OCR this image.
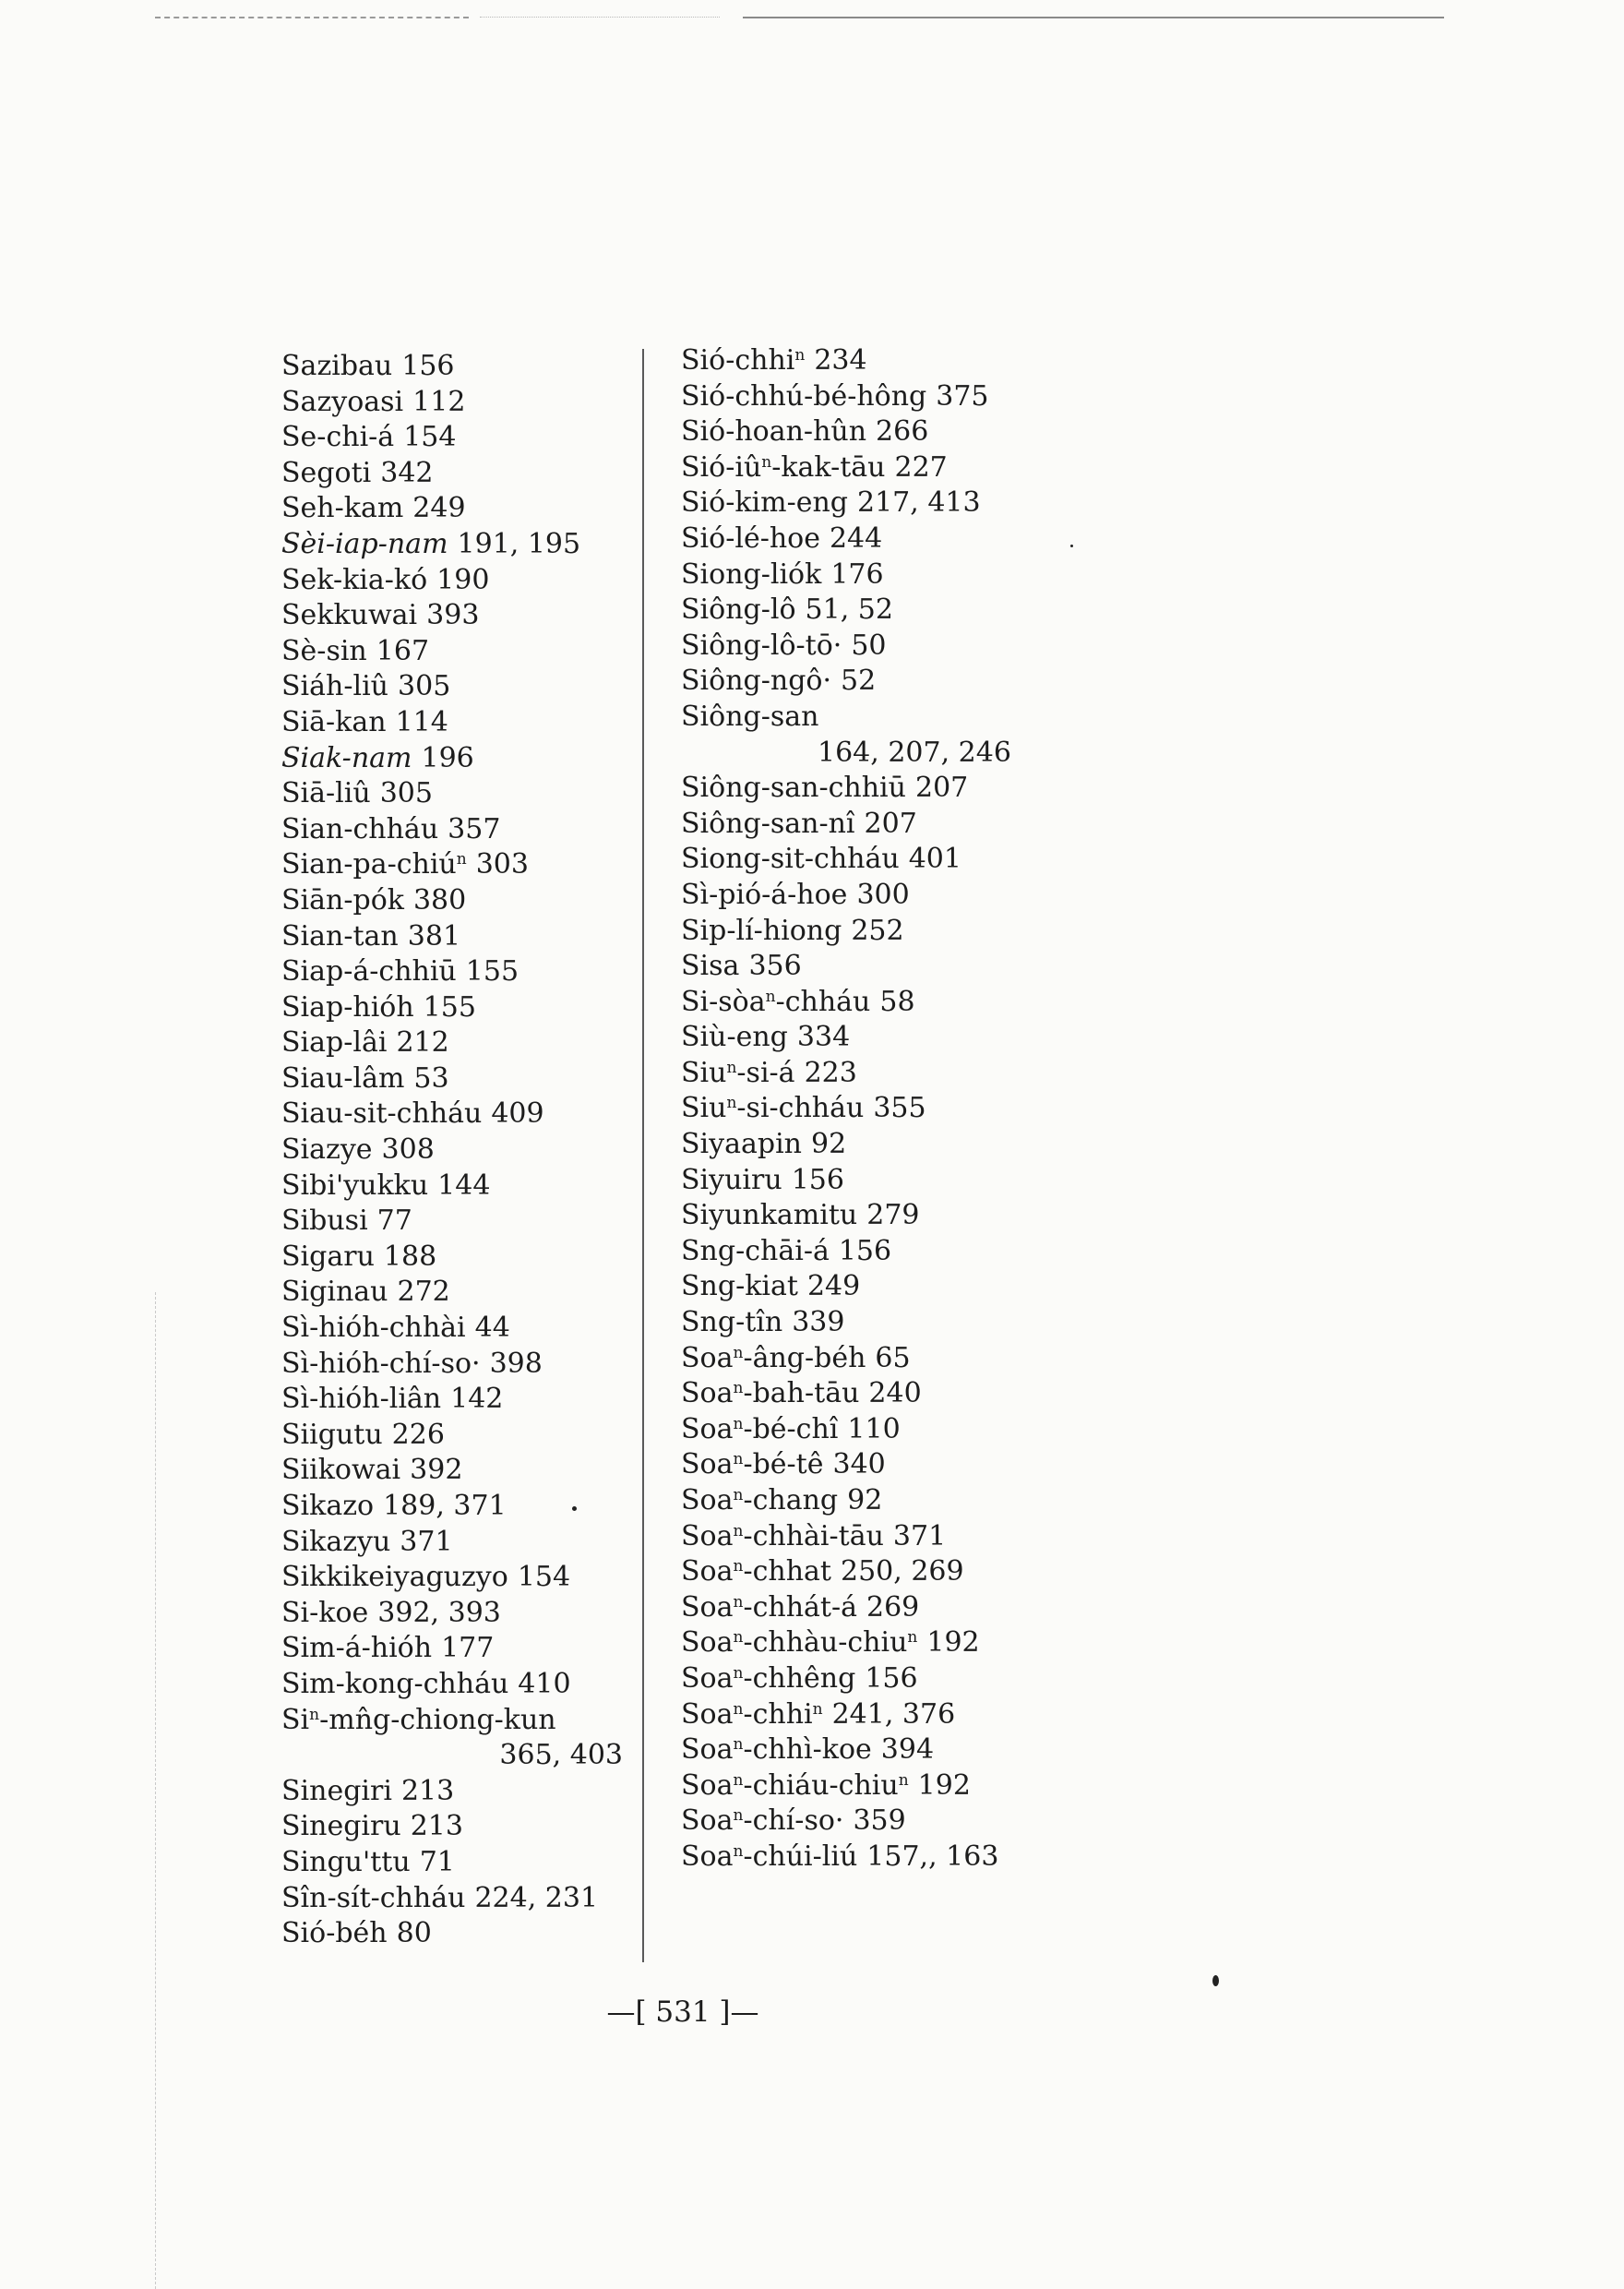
Sazibau 156
Sazyoasi 112
Se-chi-á 154
Segoti 342
Seh-kam 249
Sèi-iap-nam 191, 195
Sek-kia-kó 190
Sekkuwai 393
Sè-sin 167
Siáh-liû 305
Siā-kan 114
Siak-nam 196
Siā-liû 305
Sian-chháu 357
Sian-pa-chiú$^n$ 303
Siān-pók 380
Sian-tan 381
Siap-á-chhiū 155
Siap-hióh 155
Siap-lâi 212
Siau-lâm 53
Siau-sit-chháu 409
Siazye 308
Sibi'yukku 144
Sibusi 77
Sigaru 188
Siginau 272
Sì-hióh-chhài 44
Sì-hióh-chí-so· 398
Sì-hióh-liân 142
Siigutu 226
Siikowai 392
Sikazo 189, 371
Sikazyu 371
Sikkikeiyaguzyo 154
Si-koe 392, 393
Sim-á-hióh 177
Sim-kong-chháu 410
Si$^n$-mn̂g-chiong-kun
365, 403
Sinegiri 213
Sinegiru 213
Singu'ttu 71
Sîn-sít-chháu 224, 231
Sió-béh 80
Sió-chhi$^n$ 234
Sió-chhú-bé-hông 375
Sió-hoan-hûn 266
Sió-$iû^n-kak$-tāu 227
Sió-kim-eng 217, 413
Sió-lé-hoe 244
Siong-liók 176
Siông-lô 51, 52
Siông-lô-tō· 50
Siông-ngô· 52
Siông-san
164, 207, 246
Siông-san-chhiū 207
Siông-san-nî 207
Siong-sit-chháu 401
Sì-pió-á-hoe 300
Sip-lí-hiong 252
Sisa 356
Si-sòa$^n$-chháu 58
Siù-eng 334
Siu$^n$-si-á 223
Siu$^n$-si-chháu 355
Siyaapin 92
Siyuiru 156
Siyunkamitu 279
Sng-chāi-á 156
Sng-kiat 249
Sng-tîn 339
Soa$^n$-âng-béh 65
Soa$^n$-bah-tāu 240
Soa$^n$-bé-chî 110
Soa$^n$-bé-tê 340
Soa$^n$-chang 92
Soa$^n$-chhài-tāu 371
Soa$^n$-chhat 250, 269
Soa$^n$-chhát-á 269
Soa$^n$-chhàu-chiu$^n$ 192
Soa$^n$-chhêng 156
Soa$^n$-chhi$^n$ 241, 376
Soa$^n$-chhì-koe 394
Soa$^n$-chiáu-chiu$^n$ 192
Soa$^n$-chí-so· 359
Soa$^n$-chúi-liú 157,, 163
—[ 531 ]—
